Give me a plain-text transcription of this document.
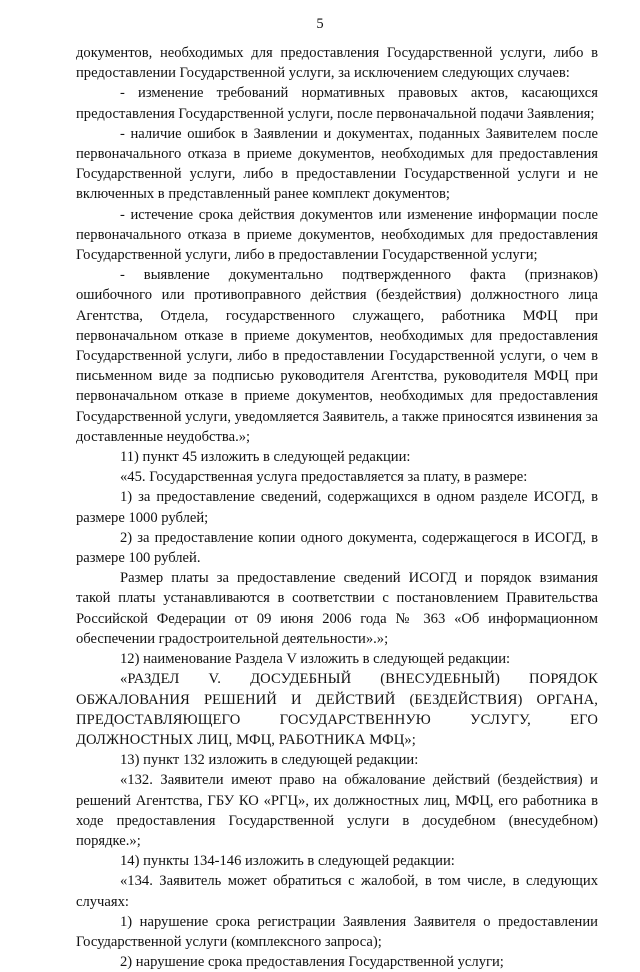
5

документов, необходимых для предоставления Государственной услуги, либо в предоставлении Государственной услуги, за исключением следующих случаев:

- изменение требований нормативных правовых актов, касающихся предоставления Государственной услуги, после первоначальной подачи Заявления;

- наличие ошибок в Заявлении и документах, поданных Заявителем после первоначального отказа в приеме документов, необходимых для предоставления Государственной услуги, либо в предоставлении Государственной услуги и не включенных в представленный ранее комплект документов;

- истечение срока действия документов или изменение информации после первоначального отказа в приеме документов, необходимых для предоставления Государственной услуги, либо в предоставлении Государственной услуги;

- выявление документально подтвержденного факта (признаков) ошибочного или противоправного действия (бездействия) должностного лица Агентства, Отдела, государственного служащего, работника МФЦ при первоначальном отказе в приеме документов, необходимых для предоставления Государственной услуги, либо в предоставлении Государственной услуги, о чем в письменном виде за подписью руководителя Агентства, руководителя МФЦ при первоначальном отказе в приеме документов, необходимых для предоставления Государственной услуги, уведомляется Заявитель, а также приносятся извинения за доставленные неудобства.»;

11) пункт 45 изложить в следующей редакции:

«45. Государственная услуга предоставляется за плату, в размере:

1) за предоставление сведений, содержащихся в одном разделе ИСОГД, в размере 1000 рублей;

2) за предоставление копии одного документа, содержащегося в ИСОГД, в размере 100 рублей.

Размер платы за предоставление сведений ИСОГД и порядок взимания такой платы устанавливаются в соответствии с постановлением Правительства Российской Федерации от 09 июня 2006 года № 363 «Об информационном обеспечении градостроительной деятельности».»;

12) наименование Раздела V изложить в следующей редакции:

«РАЗДЕЛ V. ДОСУДЕБНЫЙ (ВНЕСУДЕБНЫЙ) ПОРЯДОК ОБЖАЛОВАНИЯ РЕШЕНИЙ И ДЕЙСТВИЙ (БЕЗДЕЙСТВИЯ) ОРГАНА, ПРЕДОСТАВЛЯЮЩЕГО ГОСУДАРСТВЕННУЮ УСЛУГУ, ЕГО ДОЛЖНОСТНЫХ ЛИЦ, МФЦ, РАБОТНИКА МФЦ»;

13) пункт 132 изложить в следующей редакции:

«132. Заявители имеют право на обжалование действий (бездействия) и решений Агентства, ГБУ КО «РГЦ», их должностных лиц, МФЦ, его работника в ходе предоставления Государственной услуги в досудебном (внесудебном) порядке.»;

14) пункты 134-146 изложить в следующей редакции:

«134. Заявитель может обратиться с жалобой, в том числе, в следующих случаях:

1) нарушение срока регистрации Заявления Заявителя о предоставлении Государственной услуги (комплексного запроса);

2) нарушение срока предоставления Государственной услуги;
